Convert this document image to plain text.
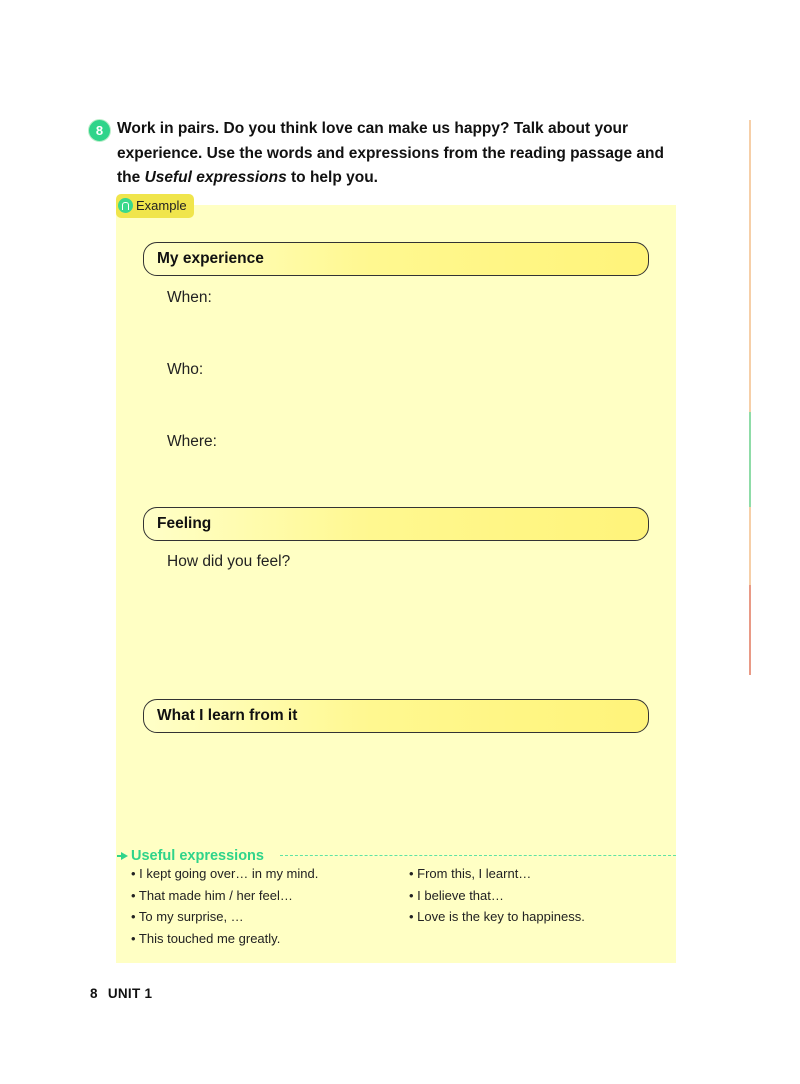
8 Work in pairs. Do you think love can make us happy? Talk about your
experience. Use the words and expressions from the reading passage and
the Useful expressions to help you.
Example
My experience
When:
Who:
Where:
Feeling
How did you feel?
What I learn from it
Useful expressions
• I kept going over… in my mind.
• That made him / her feel…
• To my surprise, …
• This touched me greatly.
• From this, I learnt…
• I believe that…
• Love is the key to happiness.
8 UNIT 1
